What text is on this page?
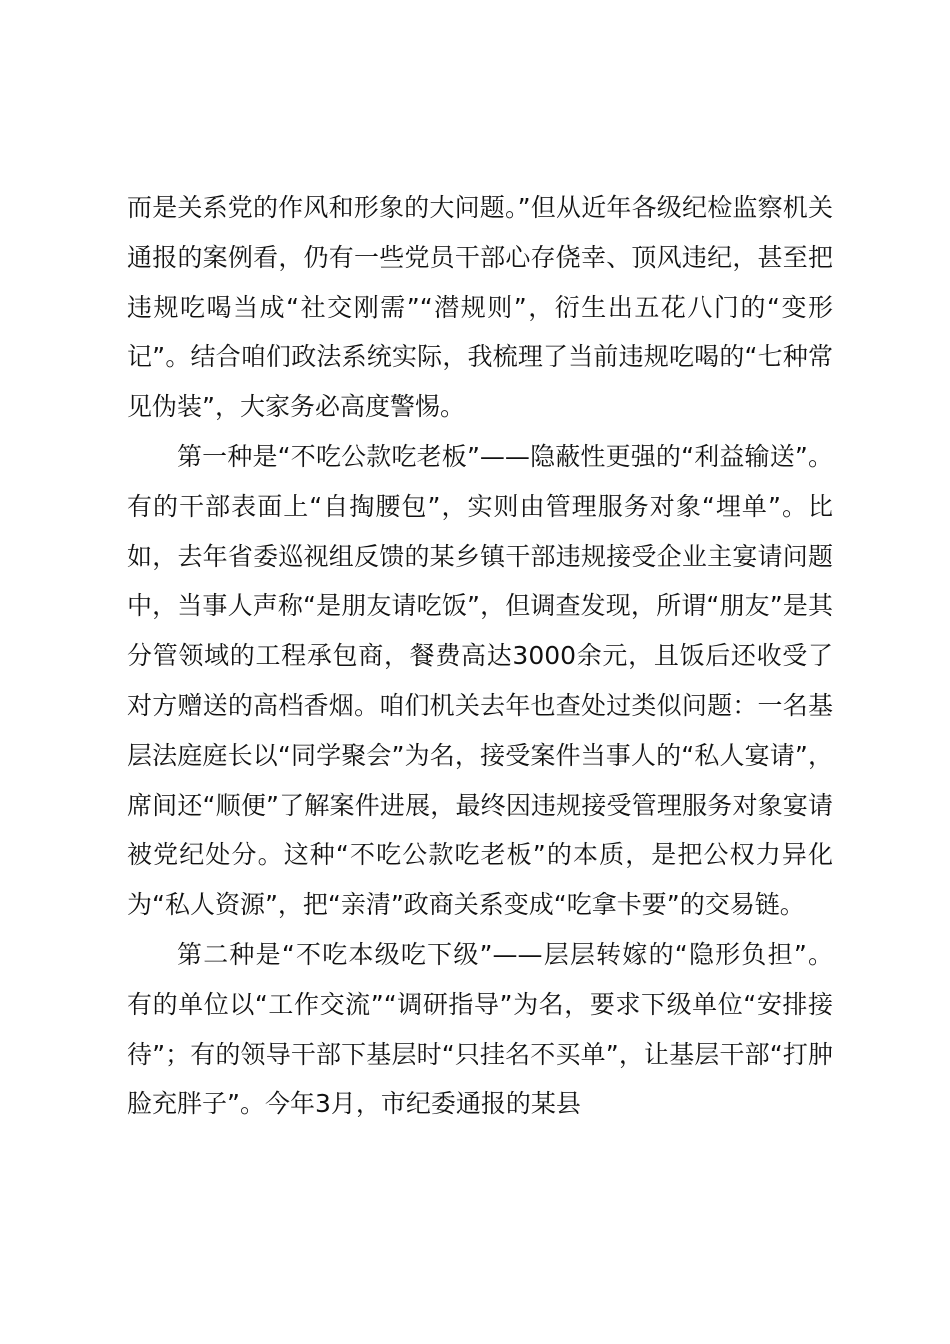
而是关系党的作风和形象的大问题。”但从近年各级纪检监察机关通报的案例看，仍有一些党员干部心存侥幸、顶风违纪，甚至把违规吃喝当成“社交刚需”“潜规则”，衍生出五花八门的“变形记”。结合咱们政法系统实际，我梳理了当前违规吃喝的“七种常见伪装”，大家务必高度警惕。

第一种是“不吃公款吃老板”——隐蔽性更强的“利益输送”。 有的干部表面上“自掏腰包”，实则由管理服务对象“埋单”。比如，去年省委巡视组反馈的某乡镇干部违规接受企业主宴请问题中，当事人声称“是朋友请吃饭”，但调查发现，所谓“朋友”是其分管领域的工程承包商，餐费高达3000余元，且饭后还收受了对方赠送的高档香烟。咱们机关去年也查处过类似问题：一名基层法庭庭长以“同学聚会”为名，接受案件当事人的“私人宴请”，席间还“顺便”了解案件进展，最终因违规接受管理服务对象宴请被党纪处分。这种“不吃公款吃老板”的本质，是把公权力异化为“私人资源”，把“亲清”政商关系变成“吃拿卡要”的交易链。

第二种是“不吃本级吃下级”——层层转嫁的“隐形负担”。 有的单位以“工作交流”“调研指导”为名，要求下级单位“安排接待”；有的领导干部下基层时“只挂名不买单”，让基层干部“打肿脸充胖子”。今年3月，市纪委通报的某县
